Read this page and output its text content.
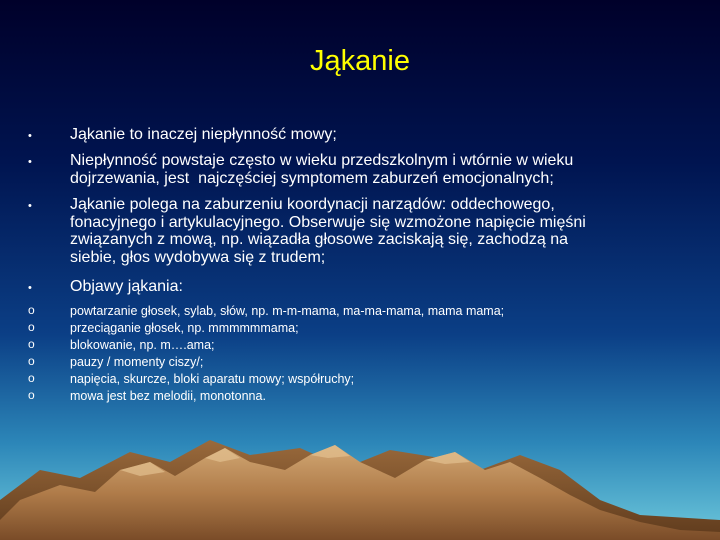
Jąkanie
• Jąkanie to inaczej niepłynność mowy;
• Niepłynność powstaje często w wieku przedszkolnym i wtórnie w wieku
dojrzewania, jest  najczęściej symptomem zaburzeń emocjonalnych;
• Jąkanie polega na zaburzeniu koordynacji narządów: oddechowego,
fonacyjnego i artykulacyjnego. Obserwuje się wzmożone napięcie mięśni
związanych z mową, np. wiązadła głosowe zaciskają się, zachodzą na
siebie, głos wydobywa się z trudem;
• Objawy jąkania:
o	powtarzanie głosek, sylab, słów, np. m-m-mama, ma-ma-mama, mama mama;
o	przeciąganie głosek, np. mmmmmmama;
o	blokowanie, np. m….ama;
o	pauzy / momenty ciszy/;
o	napięcia, skurcze, bloki aparatu mowy; współruchy;
o	mowa jest bez melodii, monotonna.
